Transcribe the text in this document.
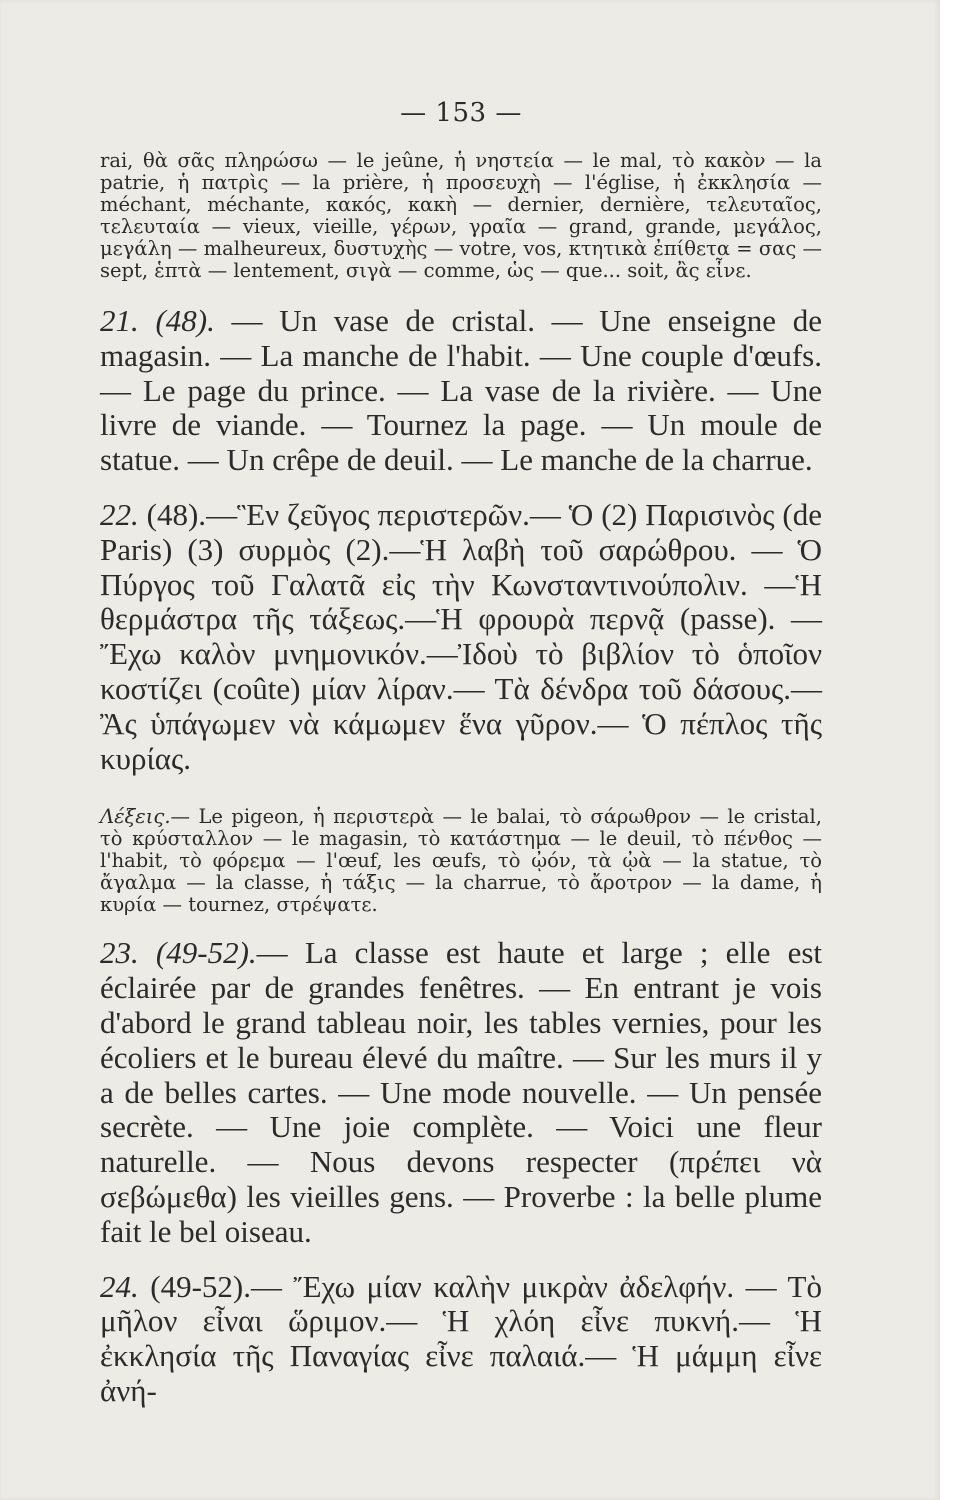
— 153 —

rai, θὰ σᾶς πληρώσω — le jeûne, ἡ νηστεία — le mal, τὸ κακὸν — la patrie, ἡ πατρὶς — la prière, ἡ προσευχὴ — l'église, ἡ ἐκκλησία — méchant, méchante, κακός, κακὴ — dernier, dernière, τελευταῖος, τελευταία — vieux, vieille, γέρων, γραῖα — grand, grande, μεγάλος, μεγάλη — malheureux, δυστυχὴς — votre, vos, κτητικὰ ἐπίθετα = σας — sept, ἑπτὰ — lentement, σιγὰ — comme, ὡς — que... soit, ἂς εἶνε.

21. (48). — Un vase de cristal. — Une enseigne de magasin. — La manche de l'habit. — Une couple d'œufs. — Le page du prince. — La vase de la rivière. — Une livre de viande. — Tournez la page. — Un moule de statue. — Un crêpe de deuil. — Le manche de la charrue.

22. (48).—Ἓν ζεῦγος περιστερῶν.— Ὁ (2) Παρισινὸς (de Paris) (3) συρμὸς (2).—Ἡ λαβὴ τοῦ σαρώθρου. — Ὁ Πύργος τοῦ Γαλατᾶ εἰς τὴν Κωνσταντινούπολιν. —Ἡ θερμάστρα τῆς τάξεως.—Ἡ φρουρὰ περνᾷ (passe). —Ἔχω καλὸν μνημονικόν.—Ἰδοὺ τὸ βιβλίον τὸ ὁποῖον κοστίζει (coûte) μίαν λίραν.— Τὰ δένδρα τοῦ δάσους.— Ἂς ὑπάγωμεν νὰ κάμωμεν ἕνα γῦρον.— Ὁ πέπλος τῆς κυρίας.

Λέξεις.— Le pigeon, ἡ περιστερὰ — le balai, τὸ σάρωθρον — le cristal, τὸ κρύσταλλον — le magasin, τὸ κατάστημα — le deuil, τὸ πένθος — l'habit, τὸ φόρεμα — l'œuf, les œufs, τὸ ᾠόν, τὰ ᾠὰ — la statue, τὸ ἄγαλμα — la classe, ἡ τάξις — la charrue, τὸ ἄροτρον — la dame, ἡ κυρία — tournez, στρέψατε.

23. (49-52).— La classe est haute et large ; elle est éclairée par de grandes fenêtres. — En entrant je vois d'abord le grand tableau noir, les tables vernies, pour les écoliers et le bureau élevé du maître. — Sur les murs il y a de belles cartes. — Une mode nouvelle. — Un pensée secrète. — Une joie complète. — Voici une fleur naturelle. — Nous devons respecter (πρέπει νὰ σεβώμεθα) les vieilles gens. — Proverbe : la belle plume fait le bel oiseau.

24. (49-52).— Ἔχω μίαν καλὴν μικρὰν ἀδελφήν. — Τὸ μῆλον εἶναι ὥριμον.— Ἡ χλόη εἶνε πυκνή.— Ἡ ἐκκλησία τῆς Παναγίας εἶνε παλαιά.— Ἡ μάμμη εἶνε ἀνή-
